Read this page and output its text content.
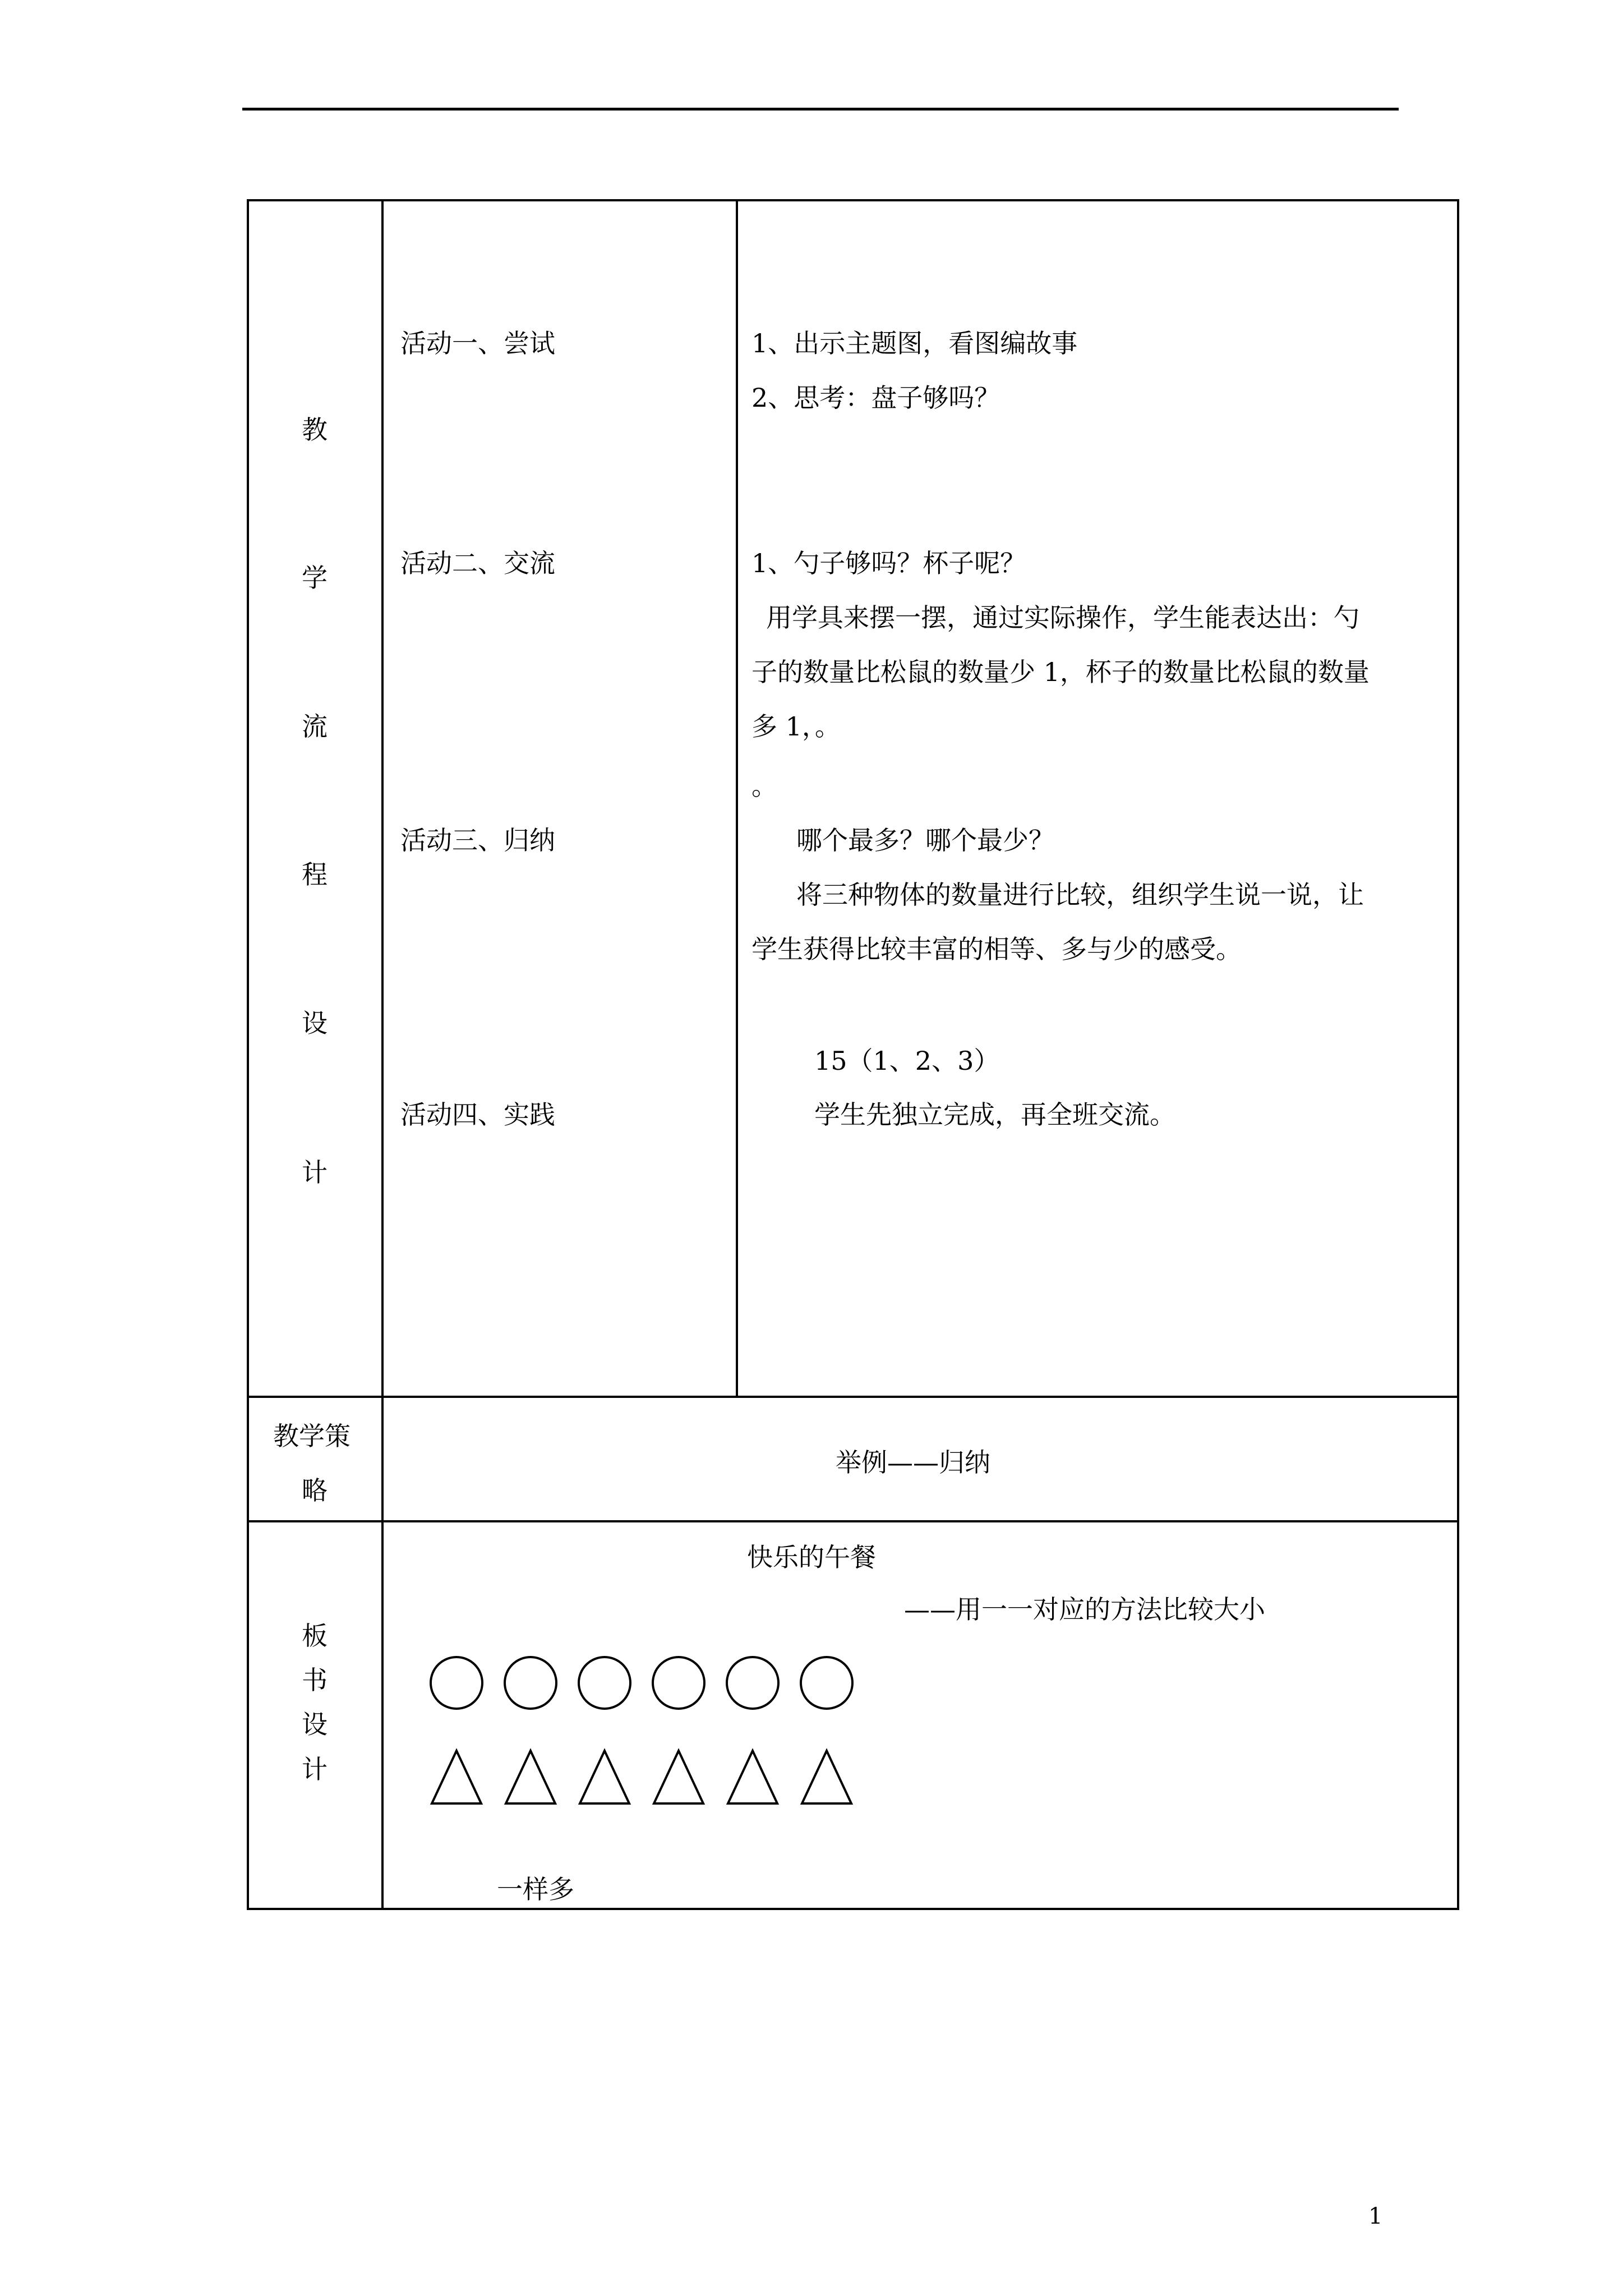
教
学
流
程
设
计
活动一、尝试
活动二、交流
活动三、归纳
活动四、实践
1、出示主题图，看图编故事
2、思考：盘子够吗？
1、勺子够吗？杯子呢？
用学具来摆一摆，通过实际操作，学生能表达出：勺
子的数量比松鼠的数量少 1，杯子的数量比松鼠的数量
多 1，。
。
哪个最多？哪个最少？
将三种物体的数量进行比较，组织学生说一说，让
学生获得比较丰富的相等、多与少的感受。
15（1、2、3）
学生先独立完成，再全班交流。
教学策
略
举例——归纳
板
书
设
计
快乐的午餐
——用一一对应的方法比较大小
一样多
1
